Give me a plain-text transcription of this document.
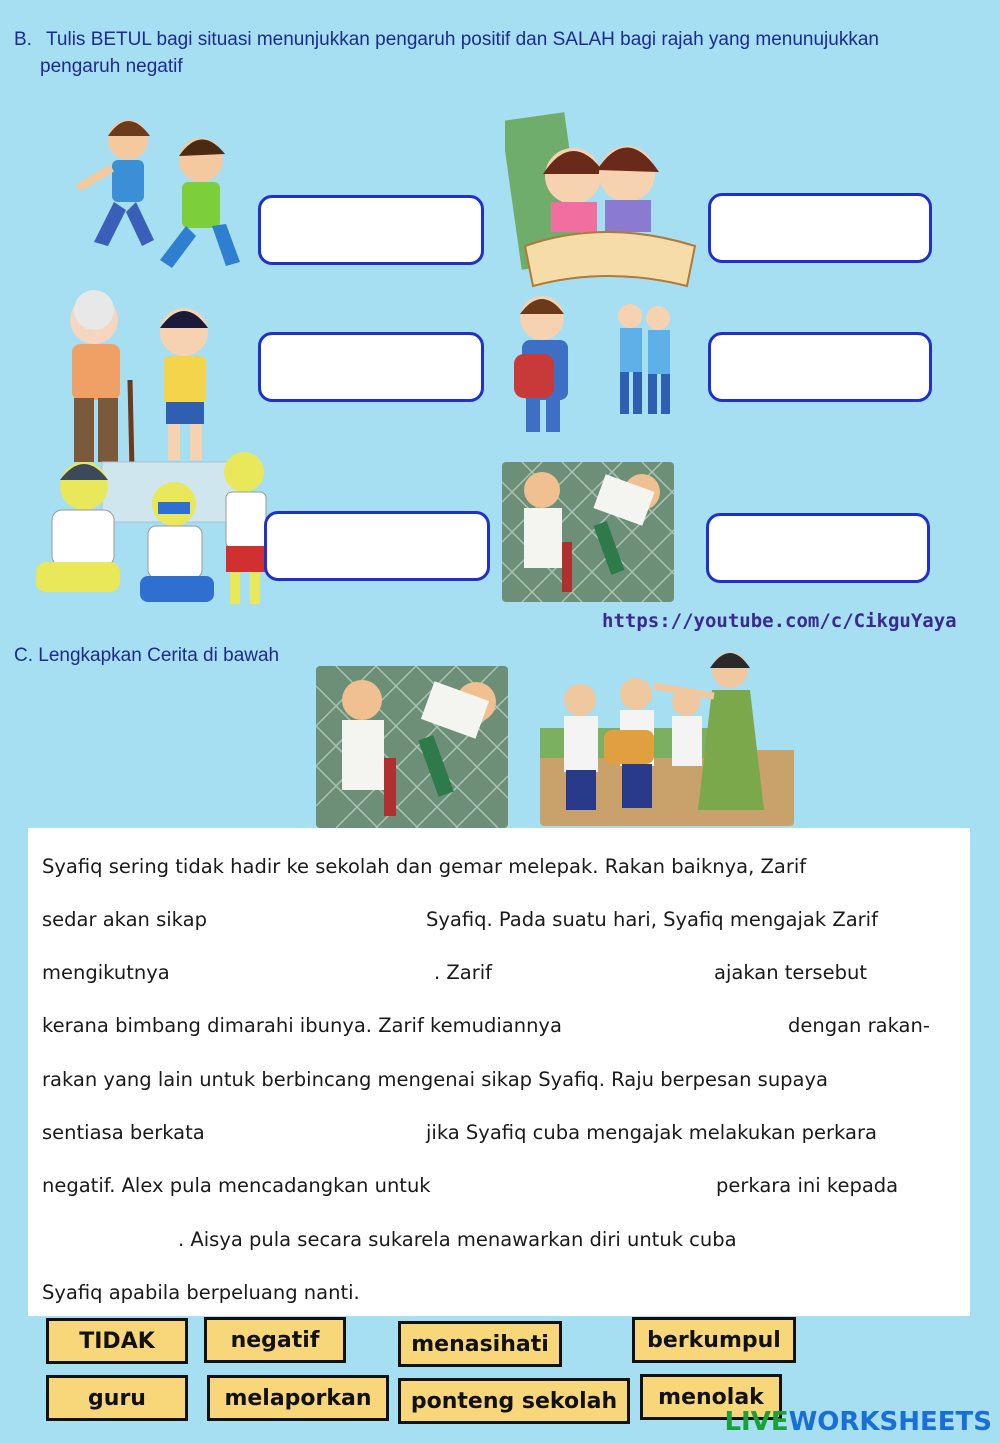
B. Tulis BETUL bagi situasi menunjukkan pengaruh positif dan SALAH bagi rajah yang menunujukkan
pengaruh negatif
https://youtube.com/c/CikguYaya
C. Lengkapkan Cerita di bawah
Syafiq sering tidak hadir ke sekolah dan gemar melepak. Rakan baiknya, Zarif
sedar akan sikap	Syafiq. Pada suatu hari, Syafiq mengajak Zarif
mengikutnya	. Zarif	ajakan tersebut
kerana bimbang dimarahi ibunya. Zarif kemudiannya	dengan rakan-
rakan yang lain untuk berbincang mengenai sikap Syafiq. Raju berpesan supaya
sentiasa berkata	jika Syafiq cuba mengajak melakukan perkara
negatif. Alex pula mencadangkan untuk	perkara ini kepada
. Aisya pula secara sukarela menawarkan diri untuk cuba
Syafiq apabila berpeluang nanti.
TIDAK	negatif	menasihati	berkumpul
guru	melaporkan	ponteng sekolah	menolak
LIVEWORKSHEETS
